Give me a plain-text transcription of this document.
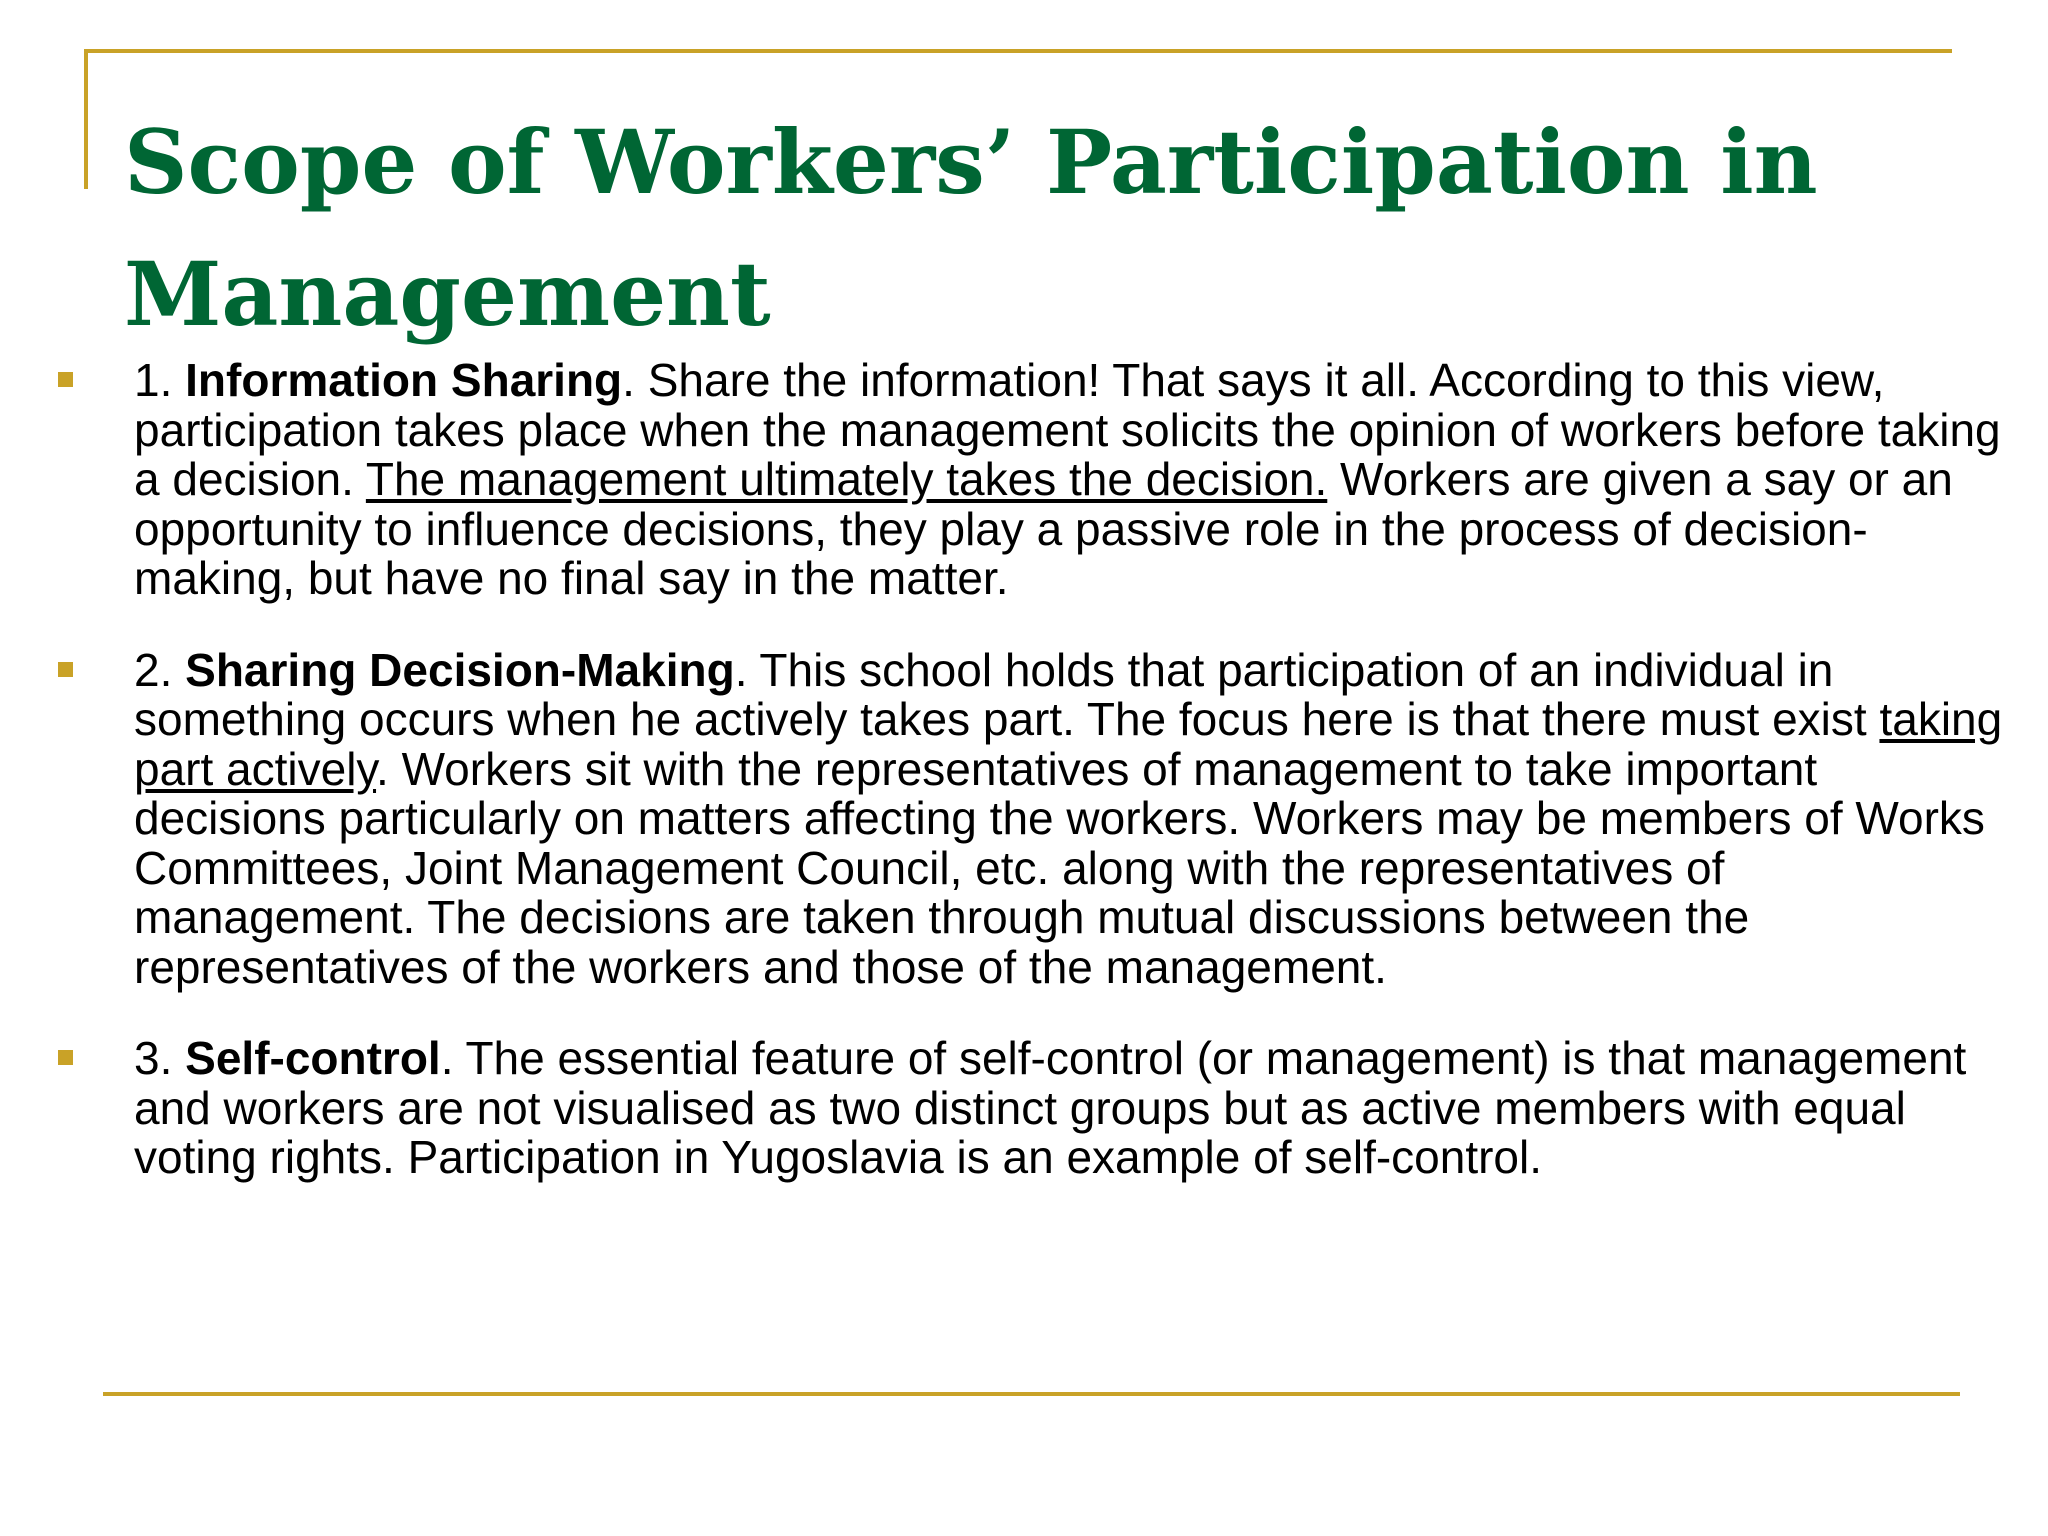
Scope of Workers’ Participation in Management

1. Information Sharing. Share the information! That says it all. According to this view, participation takes place when the management solicits the opinion of workers before taking a decision. The management ultimately takes the decision. Workers are given a say or an opportunity to influence decisions, they play a passive role in the process of decision-making, but have no final say in the matter.

2. Sharing Decision-Making. This school holds that participation of an individual in something occurs when he actively takes part. The focus here is that there must exist taking part actively. Workers sit with the representatives of management to take important decisions particularly on matters affecting the workers. Workers may be members of Works Committees, Joint Management Council, etc. along with the representatives of management. The decisions are taken through mutual discussions between the representatives of the workers and those of the management.

3. Self-control. The essential feature of self-control (or management) is that management and workers are not visualised as two distinct groups but as active members with equal voting rights. Participation in Yugoslavia is an example of self-control.
